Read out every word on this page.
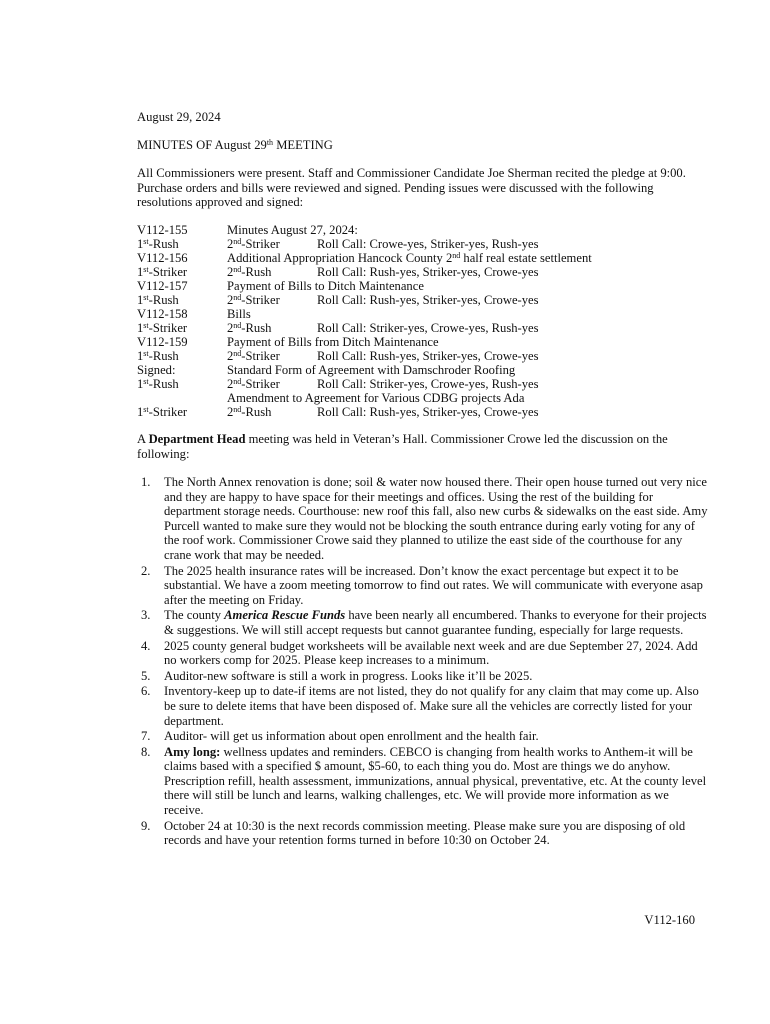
August 29, 2024
MINUTES OF August 29th MEETING
All Commissioners were present. Staff and Commissioner Candidate Joe Sherman recited the pledge at 9:00. Purchase orders and bills were reviewed and signed. Pending issues were discussed with the following resolutions approved and signed:
V112-155	Minutes August 27, 2024:
1st-Rush	2nd-Striker	Roll Call: Crowe-yes, Striker-yes, Rush-yes
V112-156	Additional Appropriation Hancock County 2nd half real estate settlement
1st-Striker	2nd-Rush	Roll Call: Rush-yes, Striker-yes, Crowe-yes
V112-157	Payment of Bills to Ditch Maintenance
1st-Rush	2nd-Striker	Roll Call: Rush-yes, Striker-yes, Crowe-yes
V112-158	Bills
1st-Striker	2nd-Rush	Roll Call: Striker-yes, Crowe-yes, Rush-yes
V112-159	Payment of Bills from Ditch Maintenance
1st-Rush	2nd-Striker	Roll Call: Rush-yes, Striker-yes, Crowe-yes
Signed:	Standard Form of Agreement with Damschroder Roofing
1st-Rush	2nd-Striker	Roll Call: Striker-yes, Crowe-yes, Rush-yes
Amendment to Agreement for Various CDBG projects Ada
1st-Striker	2nd-Rush	Roll Call: Rush-yes, Striker-yes, Crowe-yes
A Department Head meeting was held in Veteran’s Hall. Commissioner Crowe led the discussion on the following:
1. The North Annex renovation is done; soil & water now housed there. Their open house turned out very nice and they are happy to have space for their meetings and offices. Using the rest of the building for department storage needs. Courthouse: new roof this fall, also new curbs & sidewalks on the east side. Amy Purcell wanted to make sure they would not be blocking the south entrance during early voting for any of the roof work. Commissioner Crowe said they planned to utilize the east side of the courthouse for any crane work that may be needed.
2. The 2025 health insurance rates will be increased. Don’t know the exact percentage but expect it to be substantial. We have a zoom meeting tomorrow to find out rates. We will communicate with everyone asap after the meeting on Friday.
3. The county America Rescue Funds have been nearly all encumbered. Thanks to everyone for their projects & suggestions. We will still accept requests but cannot guarantee funding, especially for large requests.
4. 2025 county general budget worksheets will be available next week and are due September 27, 2024. Add no workers comp for 2025. Please keep increases to a minimum.
5. Auditor-new software is still a work in progress. Looks like it’ll be 2025.
6. Inventory-keep up to date-if items are not listed, they do not qualify for any claim that may come up. Also be sure to delete items that have been disposed of. Make sure all the vehicles are correctly listed for your department.
7. Auditor- will get us information about open enrollment and the health fair.
8. Amy long: wellness updates and reminders. CEBCO is changing from health works to Anthem-it will be claims based with a specified $ amount, $5-60, to each thing you do. Most are things we do anyhow. Prescription refill, health assessment, immunizations, annual physical, preventative, etc. At the county level there will still be lunch and learns, walking challenges, etc. We will provide more information as we receive.
9. October 24 at 10:30 is the next records commission meeting. Please make sure you are disposing of old records and have your retention forms turned in before 10:30 on October 24.
V112-160
